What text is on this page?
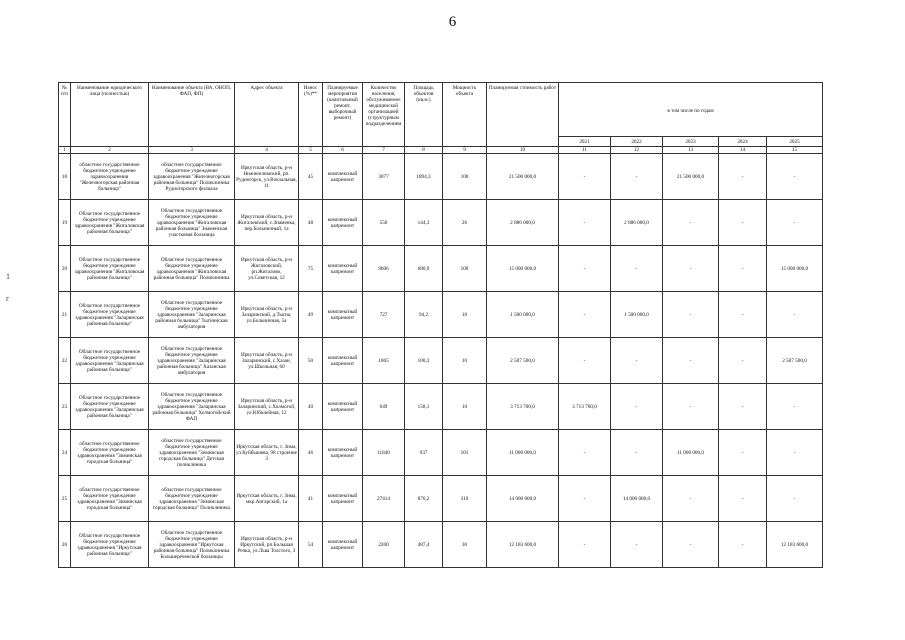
6
1
г
№ п/п	Наименование юридического лица (полностью)	Наименование объекта (ВА, ОВОП, ФАП, ФП)	Адрес объекта	Износ (%)**	Планируемые мероприятия (капитальный ремонт, выборочный ремонт)	Количество населения, обслуживаемое медицинской организацией (структурным подразделением	Площадь объектов (кв.м.)	Мощность объекта	Планируемая стоимость работ	в том числе по годам				
										2021	2022	2023	2024	2025
1	2	3	4	5	6	7	8	9	10	11	12	13	14	15
18	областное государственное бюджетное учреждение здравоохранения "Железногорская районная больница"	областное государственное бюджетное учреждение здравоохранения "Железногорская районная больница" Поликлиника Рудногорского филиала	Иркутская область, р-н Нижнеилимский, рп. Рудногорск, ул.Вокзальная, 11	45	комплексный капремонт	3077	1894,3	100	21 500 000,0	-	-	21 500 000,0	-	-
19	Областное государственное бюджетное учреждение здравоохранения "Жигаловская районная больница"	Областное государственное бюджетное учреждение здравоохранения "Жигаловская районная больница" Знаменская участковая больница	Иркутская область, р-н Жигаловский, с.Знаменка, пер.Больничный, 1а	48	комплексный капремонт	550	144,3	26	2 886 000,0	-	2 886 000,0	-	-	-
20	Областное государственное бюджетное учреждение здравоохранения "Жигаловская районная больница"	Областное государственное бюджетное учреждение здравоохранения "Жигаловская районная больница" Поликлиника	Иркутская область, р-н Жигаловский, рп.Жигалово, ул.Советская, 12	75	комплексный капремонт	9606	680,9	100	15 000 000,0	-	-	-	-	15 000 000,0
21	Областное государственное бюджетное учреждение здравоохранения "Заларинская районная больница"	Областное государственное бюджетное учреждение здравоохранения "Заларинская районная больница" Тыгнинская амбулатория	Иркутская область, р-н Заларинский, д.Тыгна, ул.Больничная, 5а	49	комплексный капремонт	727	94,2	10	1 500 000,0	-	1 500 000,0	-	-	-
22	Областное государственное бюджетное учреждение здравоохранения "Заларинская районная больница"	Областное государственное бюджетное учреждение здравоохранения "Заларинская районная больница" Хазанская амбулатория	Иркутская область, р-н Заларинский, с.Хазан, ул.Школьная, 60	50	комплексный капремонт	1065	100,3	10	2 507 500,0	-	-	-	-	2 507 500,0
23	Областное государственное бюджетное учреждение здравоохранения "Заларинская районная больница"	Областное государственное бюджетное учреждение здравоохранения "Заларинская районная больница" Холмогойский ФАП	Иркутская область, р-н Заларинский, с.Холмогой, ул.Юбилейная, 12	40	комплексный капремонт	649	158,1	10	3 713 700,0	3 713 700,0	-	-	-	-
24	областное государственное бюджетное учреждение здравоохранения "Зиминская городская больница"	областное государственное бюджетное учреждение здравоохранения "Зиминская городская больница" Детская поликлиника	Иркутская область, г. Зима, ул.Куйбышева, 98 строение 3	46	комплексный капремонт	11840	937	101	11 000 000,0	-	-	11 000 000,0	-	-
25	областное государственное бюджетное учреждение здравоохранения "Зиминская городская больница"	областное государственное бюджетное учреждение здравоохранения "Зиминская городская больница" Поликлиника	Иркутская область, г. Зима, мкр.Ангарский, 1а	41	комплексный капремонт	27414	876,2	310	14 000 000,0	-	14 000 000,0	-	-	-
26	Областное государственное бюджетное учреждение здравоохранения "Иркутская районная больница"	Областное государственное бюджетное учреждение здравоохранения "Иркутская районная больница" Поликлиника Большереченской больницы	Иркутская область, р-н Иркутский, рп.Большая Речка, ул.Льва Толстого, 3	54	комплексный капремонт	2200	487,4	36	12 183 600,0	-	-	-	-	12 183 600,0
